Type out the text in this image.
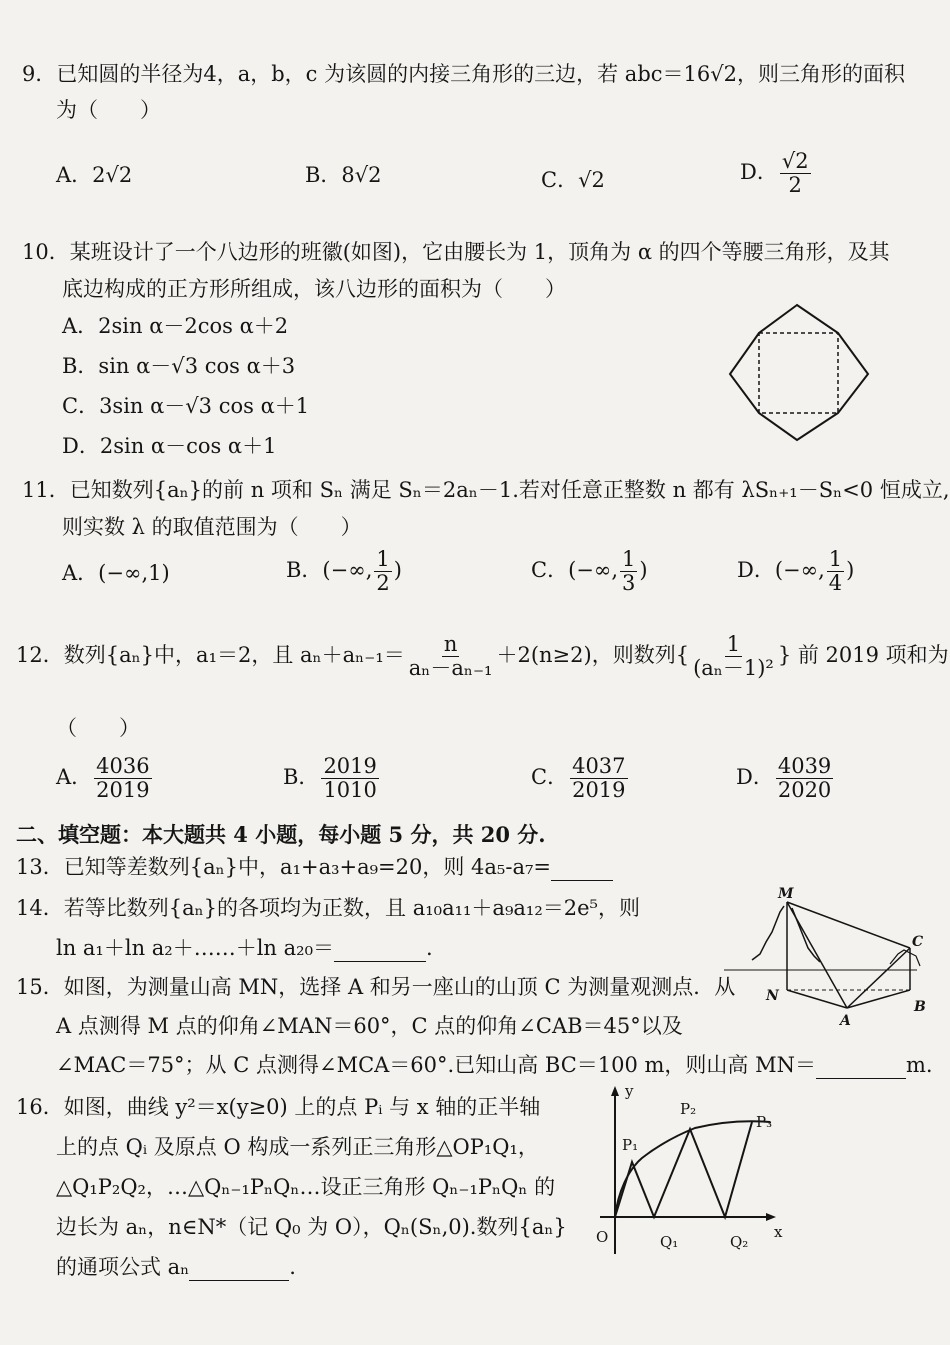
9．已知圆的半径为4，a，b，c 为该圆的内接三角形的三边，若 abc＝16√2，则三角形的面积
为（　　）
A．2√2	B．8√2	C．√2	D． $\frac{√2}{2}$
10．某班设计了一个八边形的班徽(如图)，它由腰长为 1，顶角为 α 的四个等腰三角形，及其
底边构成的正方形所组成，该八边形的面积为（　　）
A．2sin α－2cos α＋2
B．sin α－√3 cos α＋3
C．3sin α－√3 cos α＋1
D．2sin α－cos α＋1
11．已知数列{aₙ}的前 n 项和 Sₙ 满足 Sₙ＝2aₙ－1.若对任意正整数 n 都有 λSₙ₊₁－Sₙ<0 恒成立,
则实数 λ 的取值范围为（　　）
A．(−∞,1)	B．(−∞, $\frac{1}{2}$ )	C．(−∞, $\frac{1}{3}$ )	D．(−∞, $\frac{1}{4}$ )
12．数列{aₙ}中，a₁＝2，且 $a_n+a_{n-1}= \frac{n}{\text{aₙ－aₙ₋₁}} +2(n\ge 2)$，则数列{ $\frac{1}{\text{(aₙ－1)²}}$ } 前 2019 项和为
（　　）
A． $\frac{4036}{2019}$	B． $\frac{2019}{1010}$	C． $\frac{4037}{2019}$	D． $\frac{4039}{2020}$
二、填空题：本大题共 4 小题，每小题 5 分，共 20 分.
13．已知等差数列{aₙ}中，a₁+a₃+a₉=20，则 4a₅-a₇=
14．若等比数列{aₙ}的各项均为正数，且 a₁₀a₁₁＋a₉a₁₂＝2e⁵，则
ln a₁＋ln a₂＋……＋ln a₂₀＝	.
M
N
A
B
C
15．如图，为测量山高 MN，选择 A 和另一座山的山顶 C 为测量观测点．从
A 点测得 M 点的仰角∠MAN＝60°，C 点的仰角∠CAB＝45°以及
∠MAC＝75°；从 C 点测得∠MCA＝60°.已知山高 BC＝100 m，则山高 MN＝	m.
16．如图，曲线 y²＝x(y≥0) 上的点 Pᵢ 与 x 轴的正半轴
上的点 Qᵢ 及原点 O 构成一系列正三角形△OP₁Q₁，
△Q₁P₂Q₂，…△Qₙ₋₁PₙQₙ…设正三角形 Qₙ₋₁PₙQₙ 的
边长为 aₙ，n∈N*（记 Q₀ 为 O），Qₙ(Sₙ,0).数列{aₙ}
的通项公式 aₙ	.
P₂
P₃
P₁
y
x
O	Q₁	Q₂
